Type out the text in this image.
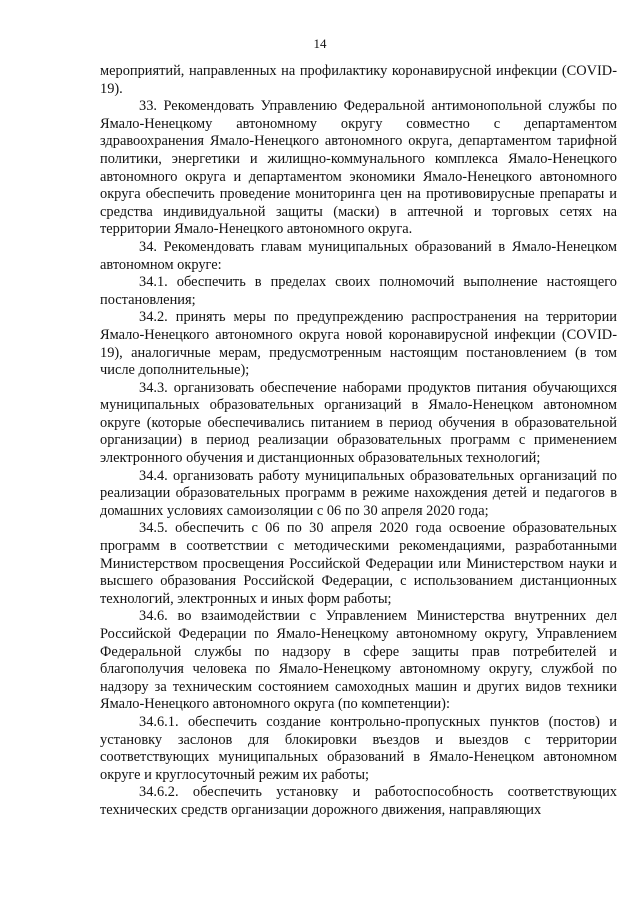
14

мероприятий, направленных на профилактику коронавирусной инфекции (COVID-19).

33. Рекомендовать Управлению Федеральной антимонопольной службы по Ямало-Ненецкому автономному округу совместно с департаментом здравоохранения Ямало-Ненецкого автономного округа, департаментом тарифной политики, энергетики и жилищно-коммунального комплекса Ямало-Ненецкого автономного округа и департаментом экономики Ямало-Ненецкого автономного округа обеспечить проведение мониторинга цен на противовирусные препараты и средства индивидуальной защиты (маски) в аптечной и торговых сетях на территории Ямало-Ненецкого автономного округа.

34. Рекомендовать главам муниципальных образований в Ямало-Ненецком автономном округе:

34.1. обеспечить в пределах своих полномочий выполнение настоящего постановления;

34.2. принять меры по предупреждению распространения на территории Ямало-Ненецкого автономного округа новой коронавирусной инфекции (COVID-19), аналогичные мерам, предусмотренным настоящим постановлением (в том числе дополнительные);

34.3. организовать обеспечение наборами продуктов питания обучающихся муниципальных образовательных организаций в Ямало-Ненецком автономном округе (которые обеспечивались питанием в период обучения в образовательной организации) в период реализации образовательных программ с применением электронного обучения и дистанционных образовательных технологий;

34.4. организовать работу муниципальных образовательных организаций по реализации образовательных программ в режиме нахождения детей и педагогов в домашних условиях самоизоляции с 06 по 30 апреля 2020 года;

34.5. обеспечить с 06 по 30 апреля 2020 года освоение образовательных программ в соответствии с методическими рекомендациями, разработанными Министерством просвещения Российской Федерации или Министерством науки и высшего образования Российской Федерации, с использованием дистанционных технологий, электронных и иных форм работы;

34.6. во взаимодействии с Управлением Министерства внутренних дел Российской Федерации по Ямало-Ненецкому автономному округу, Управлением Федеральной службы по надзору в сфере защиты прав потребителей и благополучия человека по Ямало-Ненецкому автономному округу, службой по надзору за техническим состоянием самоходных машин и других видов техники Ямало-Ненецкого автономного округа (по компетенции):

34.6.1. обеспечить создание контрольно-пропускных пунктов (постов) и установку заслонов для блокировки въездов и выездов с территории соответствующих муниципальных образований в Ямало-Ненецком автономном округе и круглосуточный режим их работы;

34.6.2. обеспечить установку и работоспособность соответствующих технических средств организации дорожного движения, направляющих
